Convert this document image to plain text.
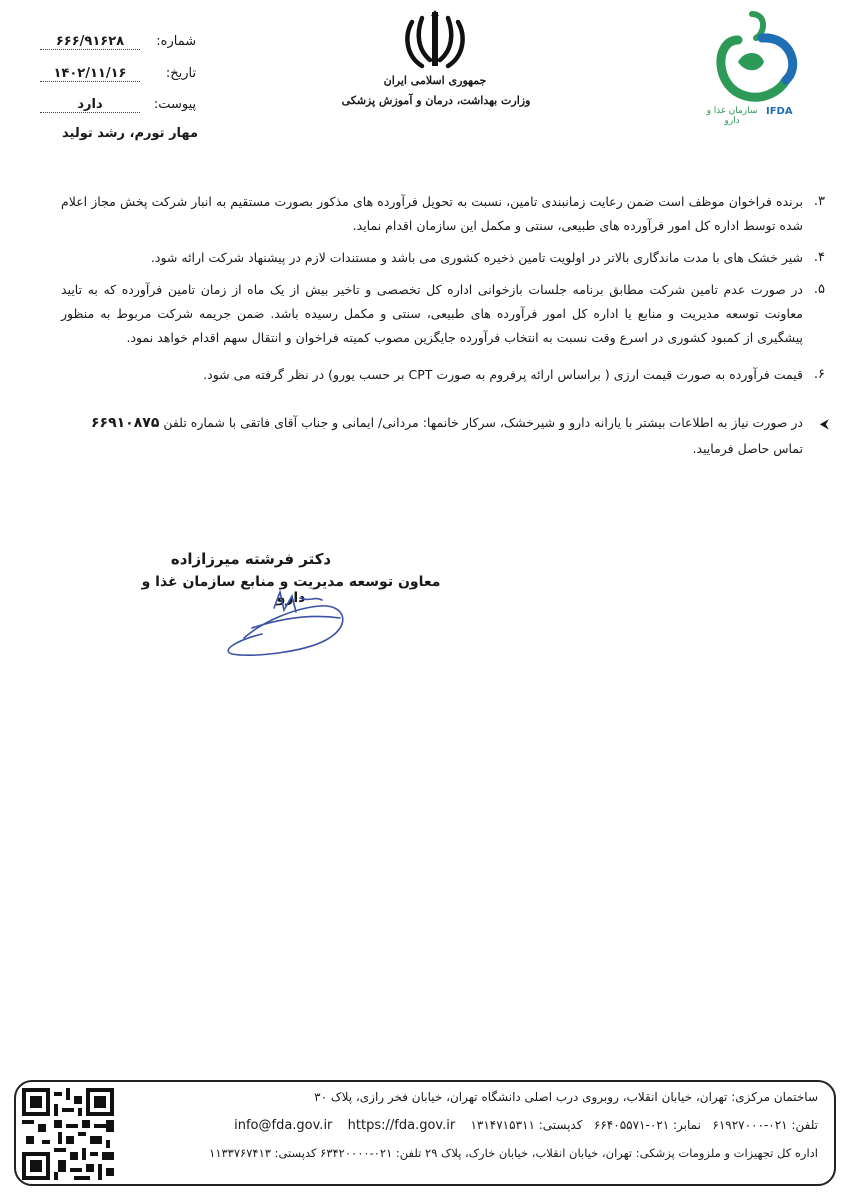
شماره: ۶۶۶/۹۱۶۲۸
تاریخ: ۱۴۰۲/۱۱/۱۶
پیوست: دارد
مهار تورم، رشد تولید
جمهوری اسلامی ایران
وزارت بهداشت، درمان و آموزش پزشکی
IFDA
سازمان غذا و دارو
۳.
برنده فراخوان موظف است ضمن رعایت زمانبندی تامین، نسبت به تحویل فرآورده های مذکور بصورت مستقیم به انبار شرکت پخش مجاز اعلام شده توسط اداره کل امور فرآورده های طبیعی، سنتی و مکمل این سازمان اقدام نماید.
۴.
شیر خشک های با مدت ماندگاری بالاتر در اولویت تامین ذخیره کشوری می باشد و مستندات لازم در پیشنهاد شرکت ارائه شود.
۵.
در صورت عدم تامین شرکت مطابق برنامه جلسات بازخوانی اداره کل تخصصی و تاخیر بیش از یک ماه از زمان تامین فرآورده که به تایید معاونت توسعه مدیریت و منابع یا اداره کل امور فرآورده های طبیعی، سنتی و مکمل رسیده باشد. ضمن جریمه شرکت مربوط به منظور پیشگیری از کمبود کشوری در اسرع وقت نسبت به انتخاب فرآورده جایگزین مصوب کمیته فراخوان و انتقال سهم اقدام خواهد نمود.
۶.
قیمت فرآورده به صورت قیمت ارزی ( براساس ارائه پرفروم به صورت CPT بر حسب یورو) در نظر گرفته می شود.
⮜
در صورت نیاز به اطلاعات بیشتر با یارانه دارو و شیرخشک، سرکار خانمها: مردانی/ ایمانی و جناب آقای فاتقی با شماره تلفن ۶۶۹۱۰۸۷۵
تماس حاصل فرمایید.
دکتر فرشته میرزازاده
معاون توسعه مدیریت و منابع سازمان غذا و دارو
ساختمان مرکزی: تهران، خیابان انقلاب، روبروی درب اصلی دانشگاه تهران، خیابان فخر رازی، پلاک ۳۰
تلفن: ۰۲۱-۶۱۹۲۷۰۰۰   نمابر: ۰۲۱-۶۶۴۰۵۵۷۱   کدپستی: ۱۳۱۴۷۱۵۳۱۱    info@fda.gov.ir https://fda.gov.ir
اداره کل تجهیزات و ملزومات پزشکی: تهران، خیابان انقلاب، خیابان خارک، پلاک ۲۹ تلفن: ۰۲۱-۶۳۴۲۰۰۰۰ کدپستی: ۱۱۳۳۷۶۷۴۱۳
